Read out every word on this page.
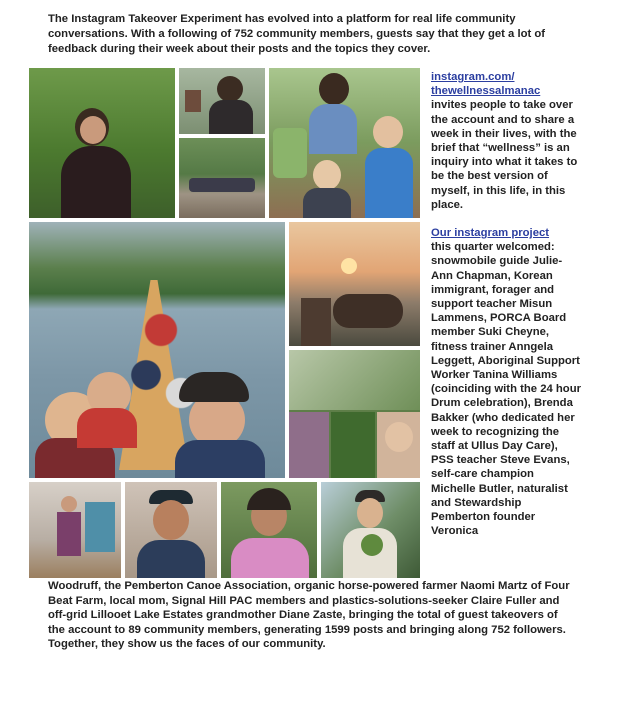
The Instagram Takeover Experiment has evolved into a platform for real life community conversations. With a following of 752 community members, guests say that they get a lot of feedback during their week about their posts and the topics they cover.
instagram.com/
thewellnessalmanac
invites people to take over the account and to share a week in their lives, with the brief that “wellness” is an inquiry into what it takes to be the best version of myself, in this life, in this place.
Our instagram project
this quarter welcomed: snowmobile guide Julie-Ann Chapman, Korean immigrant, forager and support teacher Misun Lammens, PORCA Board member Suki Cheyne, fitness trainer Anngela Leggett, Aboriginal Support Worker Tanina Williams (coinciding with the 24 hour Drum celebration), Brenda Bakker (who dedicated her week to recognizing the staff at Ullus Day Care), PSS teacher Steve Evans, self-care champion Michelle Butler, naturalist and Stewardship Pemberton founder Veronica
Woodruff, the Pemberton Canoe Association, organic horse-powered farmer Naomi Martz of Four Beat Farm, local mom, Signal Hill PAC members and plastics-solutions-seeker Claire Fuller and off-grid Lillooet Lake Estates grandmother Diane Zaste, bringing the total of guest takeovers of the account to 89 community members, generating 1599 posts and bringing along 752 followers. Together, they show us the faces of our community.
